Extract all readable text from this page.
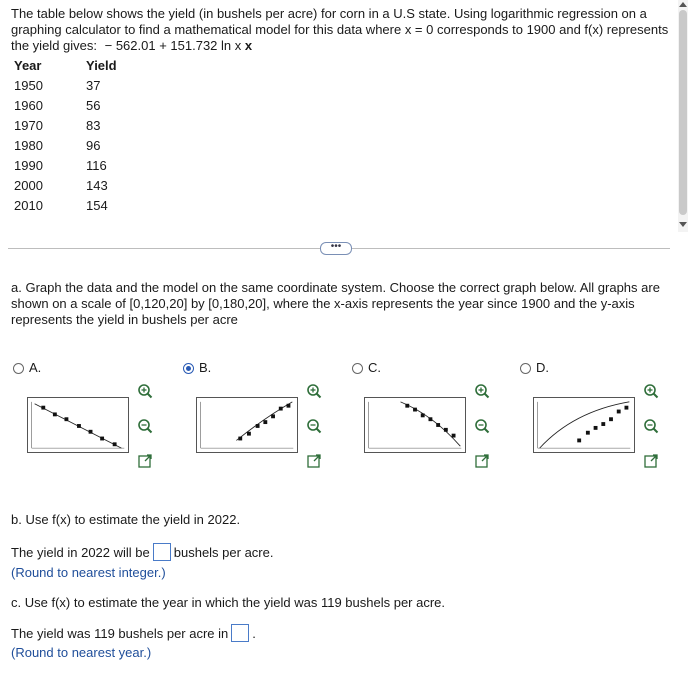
The table below shows the yield (in bushels per acre) for corn in a U.S state. Using logarithmic regression on a graphing calculator to find a mathematical model for this data where x = 0 corresponds to 1900 and f(x) represents the yield gives: − 562.01 + 151.732 ln x x
Year	Yield
1950	37
1960	56
1970	83
1980	96
1990	116
2000	143
2010	154
•••
a. Graph the data and the model on the same coordinate system. Choose the correct graph below. All graphs are shown on a scale of [0,120,20] by [0,180,20], where the x-axis represents the year since 1900 and the y-axis represents the yield in bushels per acre
A.	B.	C.	D.
b. Use f(x) to estimate the yield in 2022.
The yield in 2022 will be bushels per acre.
(Round to nearest integer.)
c. Use f(x) to estimate the year in which the yield was 119 bushels per acre.
The yield was 119 bushels per acre in .
(Round to nearest year.)
